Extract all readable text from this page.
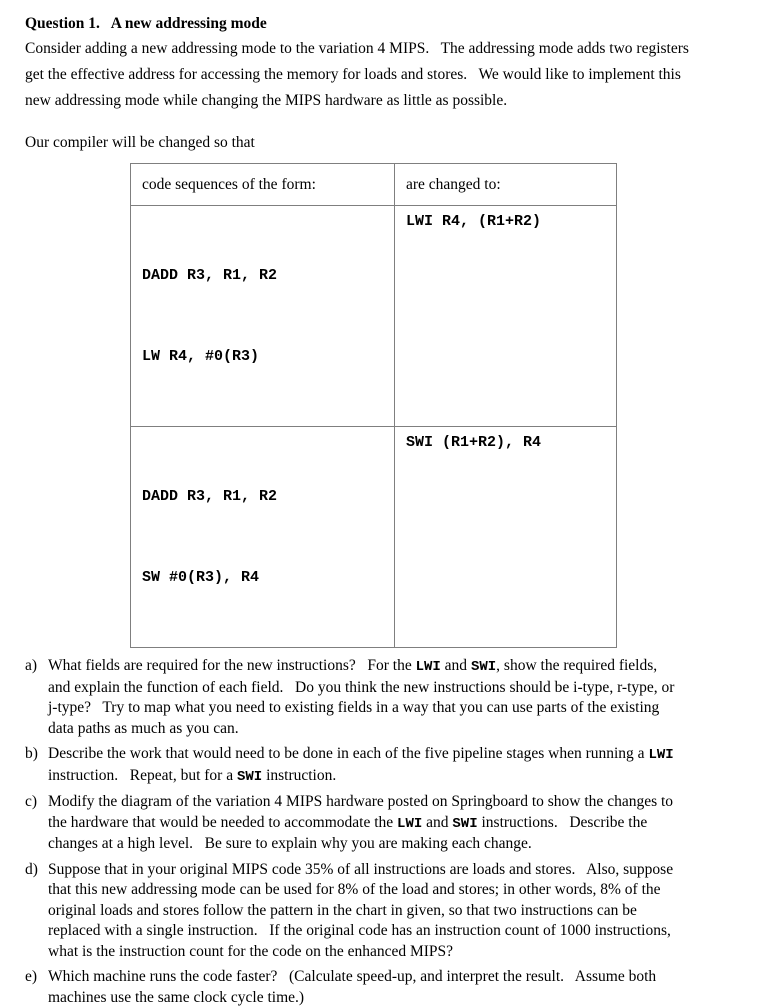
Question 1.   A new addressing mode
Consider adding a new addressing mode to the variation 4 MIPS.   The addressing mode adds two registers
get the effective address for accessing the memory for loads and stores.   We would like to implement this
new addressing mode while changing the MIPS hardware as little as possible.
Our compiler will be changed so that
code sequences of the form:	are changed to:

DADD R3, R1, R2

LW R4, #0(R3)	LWI R4, (R1+R2)

DADD R3, R1, R2

SW #0(R3), R4	SWI (R1+R2), R4
a) What fields are required for the new instructions?   For the LWI and SWI, show the required fields,
and explain the function of each field.   Do you think the new instructions should be i-type, r-type, or
j-type?   Try to map what you need to existing fields in a way that you can use parts of the existing
data paths as much as you can.
b) Describe the work that would need to be done in each of the five pipeline stages when running a LWI
instruction.   Repeat, but for a SWI instruction.
c) Modify the diagram of the variation 4 MIPS hardware posted on Springboard to show the changes to
the hardware that would be needed to accommodate the LWI and SWI instructions.   Describe the
changes at a high level.   Be sure to explain why you are making each change.
d) Suppose that in your original MIPS code 35% of all instructions are loads and stores.   Also, suppose
that this new addressing mode can be used for 8% of the load and stores; in other words, 8% of the
original loads and stores follow the pattern in the chart in given, so that two instructions can be
replaced with a single instruction.   If the original code has an instruction count of 1000 instructions,
what is the instruction count for the code on the enhanced MIPS?
e) Which machine runs the code faster?   (Calculate speed-up, and interpret the result.   Assume both
machines use the same clock cycle time.)
